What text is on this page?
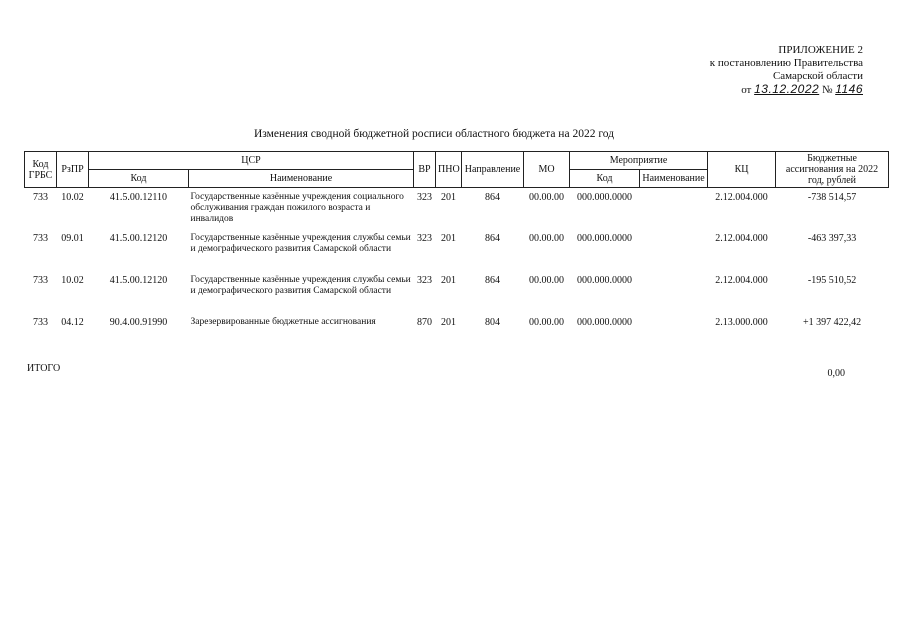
ПРИЛОЖЕНИЕ 2
к постановлению Правительства
Самарской области
от 13.12.2022 № 1146
Изменения сводной бюджетной росписи областного бюджета на 2022 год
Код ГРБС	РзПР	ЦСР		ВР	ПНО	Направление	МО	Мероприятие		КЦ	Бюджетные ассигнования на 2022 год, рублей
		Код	Наименование					Код	Наименование		
733	10.02	41.5.00.12110	Государственные казённые учреждения социального обслуживания граждан пожилого возраста и инвалидов	323	201	864	00.00.00	000.000.0000		2.12.004.000	-738 514,57
733	09.01	41.5.00.12120	Государственные казённые учреждения службы семьи и демографического развития Самарской области	323	201	864	00.00.00	000.000.0000		2.12.004.000	-463 397,33
733	10.02	41.5.00.12120	Государственные казённые учреждения службы семьи и демографического развития Самарской области	323	201	864	00.00.00	000.000.0000		2.12.004.000	-195 510,52
733	04.12	90.4.00.91990	Зарезервированные бюджетные ассигнования	870	201	804	00.00.00	000.000.0000		2.13.000.000	+1 397 422,42
ИТОГО	0,00
